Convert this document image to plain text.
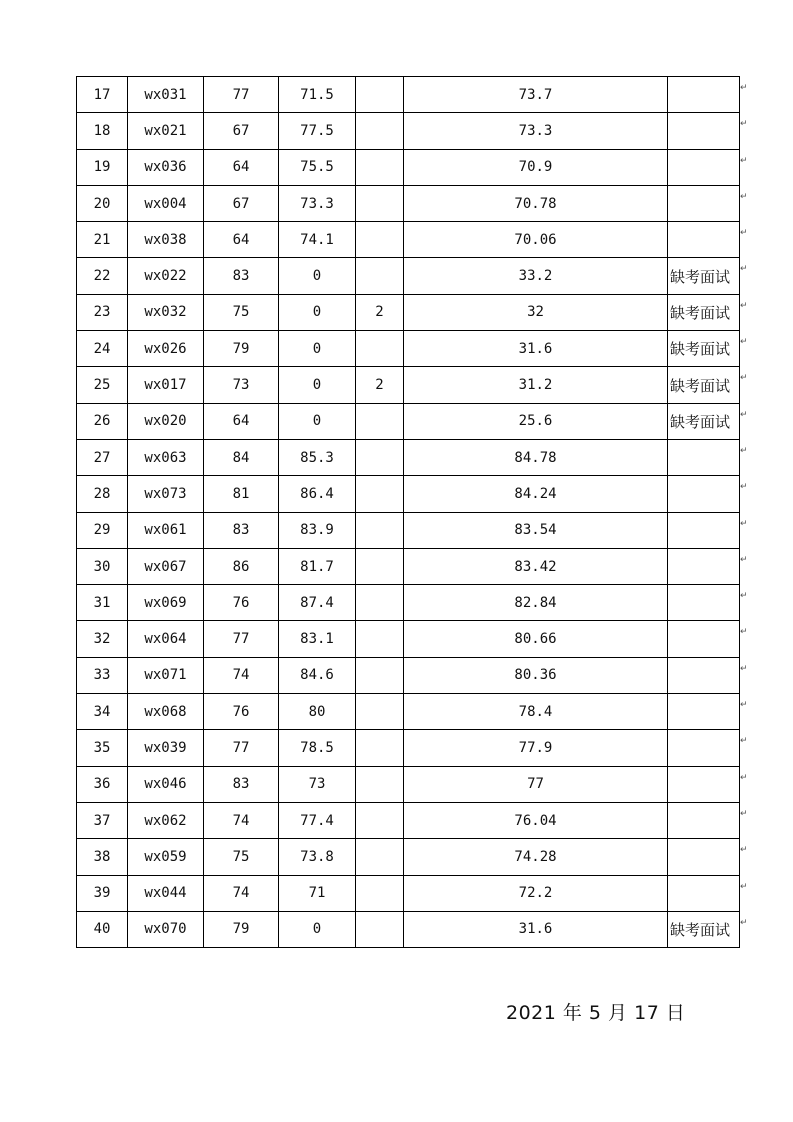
17	wx031	77	71.5		73.7	
18	wx021	67	77.5		73.3	
19	wx036	64	75.5		70.9	
20	wx004	67	73.3		70.78	
21	wx038	64	74.1		70.06	
22	wx022	83	0		33.2	缺考面试
23	wx032	75	0	2	32	缺考面试
24	wx026	79	0		31.6	缺考面试
25	wx017	73	0	2	31.2	缺考面试
26	wx020	64	0		25.6	缺考面试
27	wx063	84	85.3		84.78	
28	wx073	81	86.4		84.24	
29	wx061	83	83.9		83.54	
30	wx067	86	81.7		83.42	
31	wx069	76	87.4		82.84	
32	wx064	77	83.1		80.66	
33	wx071	74	84.6		80.36	
34	wx068	76	80		78.4	
35	wx039	77	78.5		77.9	
36	wx046	83	73		77	
37	wx062	74	77.4		76.04	
38	wx059	75	73.8		74.28	
39	wx044	74	71		72.2	
40	wx070	79	0		31.6	缺考面试
↵
↵
↵
↵
↵
↵
↵
↵
↵
↵
↵
↵
↵
↵
↵
↵
↵
↵
↵
↵
↵
↵
↵
↵
2021 年 5 月 17 日
